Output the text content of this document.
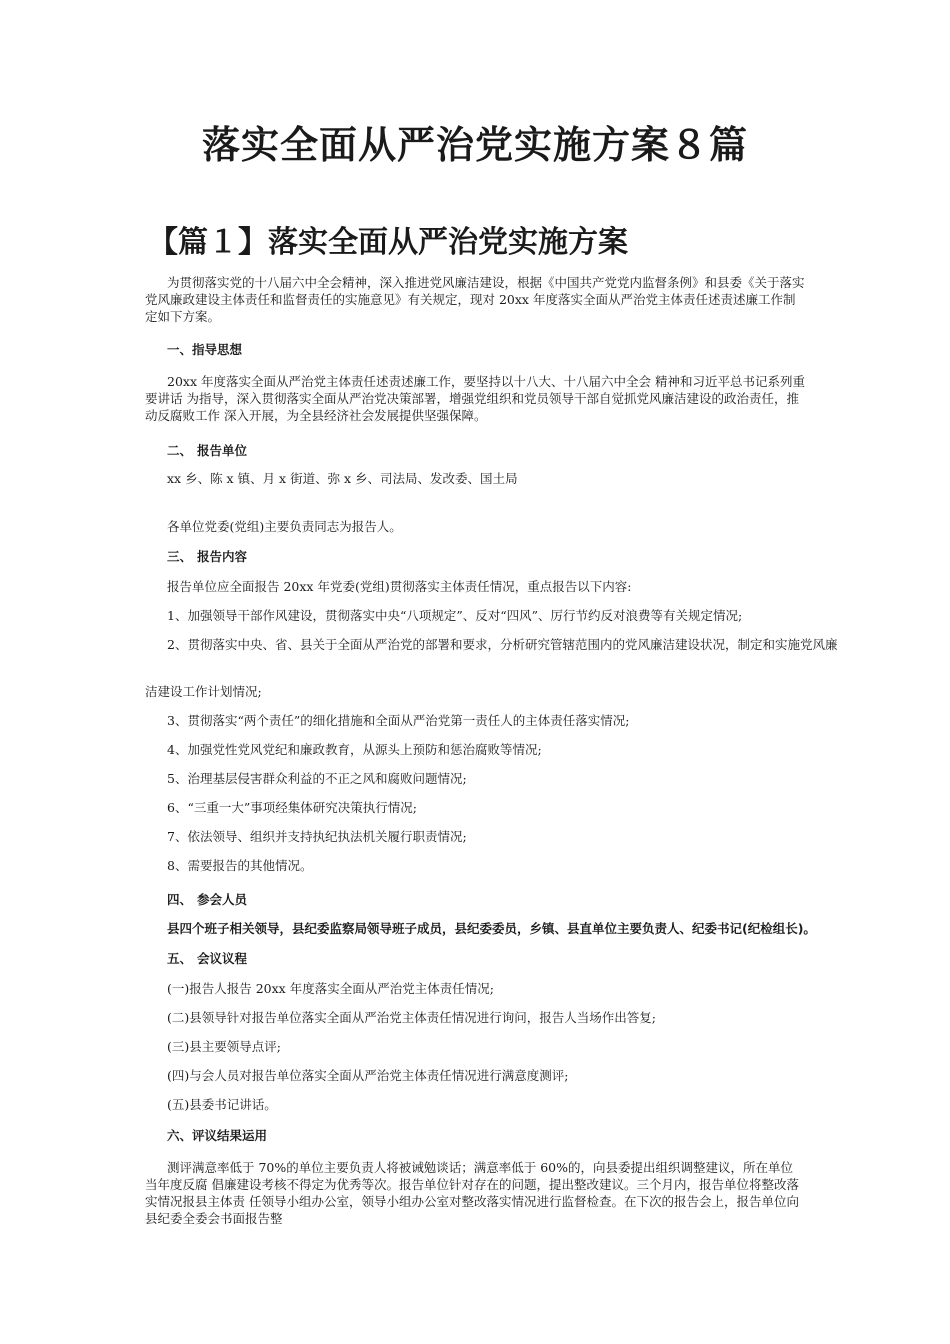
落实全面从严治党实施方案８篇
【篇１】落实全面从严治党实施方案
为贯彻落实党的十八届六中全会精神，深入推进党风廉洁建设，根据《中国共产党党内监督条例》和县委《关于落实党风廉政建设主体责任和监督责任的实施意见》有关规定，现对 20xx 年度落实全面从严治党主体责任述责述廉工作制定如下方案。
一、指导思想
20xx 年度落实全面从严治党主体责任述责述廉工作，要坚持以十八大、十八届六中全会 精神和习近平总书记系列重要讲话 为指导，深入贯彻落实全面从严治党决策部署，增强党组织和党员领导干部自觉抓党风廉洁建设的政治责任，推动反腐败工作 深入开展，为全县经济社会发展提供坚强保障。
二、 报告单位
xx 乡、陈 x 镇、月 x 街道、弥 x 乡、司法局、发改委、国土局
各单位党委(党组)主要负责同志为报告人。
三、 报告内容
报告单位应全面报告 20xx 年党委(党组)贯彻落实主体责任情况，重点报告以下内容:
1、加强领导干部作风建设，贯彻落实中央“八项规定”、反对“四风”、厉行节约反对浪费等有关规定情况;
2、贯彻落实中央、省、县关于全面从严治党的部署和要求，分析研究管辖范围内的党风廉洁建设状况，制定和实施党风廉
洁建设工作计划情况;
3、贯彻落实“两个责任”的细化措施和全面从严治党第一责任人的主体责任落实情况;
4、加强党性党风党纪和廉政教育，从源头上预防和惩治腐败等情况;
5、治理基层侵害群众利益的不正之风和腐败问题情况;
6、“三重一大”事项经集体研究决策执行情况;
7、依法领导、组织并支持执纪执法机关履行职责情况;
8、需要报告的其他情况。
四、 参会人员
县四个班子相关领导，县纪委监察局领导班子成员，县纪委委员，乡镇、县直单位主要负责人、纪委书记(纪检组长)。
五、 会议议程
(一)报告人报告 20xx 年度落实全面从严治党主体责任情况;
(二)县领导针对报告单位落实全面从严治党主体责任情况进行询问，报告人当场作出答复;
(三)县主要领导点评;
(四)与会人员对报告单位落实全面从严治党主体责任情况进行满意度测评;
(五)县委书记讲话。
六、评议结果运用
测评满意率低于 70%的单位主要负责人将被诫勉谈话；满意率低于 60%的，向县委提出组织调整建议，所在单位当年度反腐 倡廉建设考核不得定为优秀等次。报告单位针对存在的问题，提出整改建议。三个月内，报告单位将整改落实情况报县主体责 任领导小组办公室，领导小组办公室对整改落实情况进行监督检查。在下次的报告会上，报告单位向县纪委全委会书面报告整
